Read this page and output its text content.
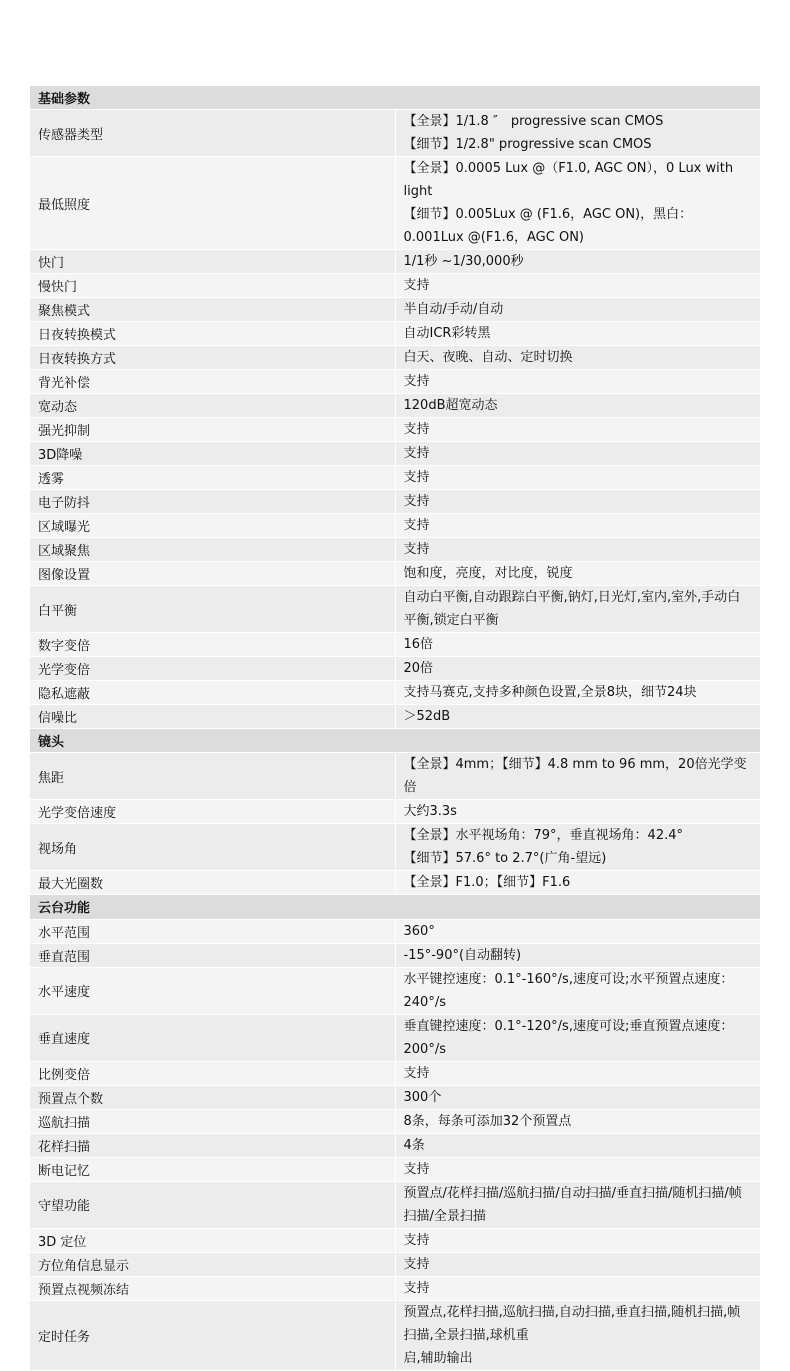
基础参数	
传感器类型	【全景】1/1.8 ″　progressive scan CMOS
【细节】1/2.8" progressive scan CMOS

最低照度	【全景】0.0005 Lux @（F1.0, AGC ON），0 Lux with light
【细节】0.005Lux @ (F1.6，AGC ON)，黑白：0.001Lux @(F1.6，AGC ON)

快门	1/1秒 ~1/30,000秒

慢快门	支持

聚焦模式	半自动/手动/自动

日夜转换模式	自动ICR彩转黑

日夜转换方式	白天、夜晚、自动、定时切换

背光补偿	支持

宽动态	120dB超宽动态

强光抑制	支持

3D降噪	支持

透雾	支持

电子防抖	支持

区域曝光	支持

区域聚焦	支持

图像设置	饱和度，亮度，对比度，锐度

白平衡	自动白平衡,自动跟踪白平衡,钠灯,日光灯,室内,室外,手动白平衡,锁定白平衡

数字变倍	16倍

光学变倍	20倍

隐私遮蔽	支持马赛克,支持多种颜色设置,全景8块，细节24块

信噪比	＞52dB

镜头	
焦距	【全景】4mm；【细节】4.8 mm to 96 mm，20倍光学变倍

光学变倍速度	大约3.3s

视场角	【全景】水平视场角：79°，垂直视场角：42.4°
【细节】57.6° to 2.7°(广角-望远)

最大光圈数	【全景】F1.0；【细节】F1.6

云台功能	
水平范围	360°

垂直范围	-15°-90°(自动翻转)

水平速度	水平键控速度：0.1°-160°/s,速度可设;水平预置点速度：240°/s

垂直速度	垂直键控速度：0.1°-120°/s,速度可设;垂直预置点速度：200°/s

比例变倍	支持

预置点个数	300个

巡航扫描	8条，每条可添加32个预置点

花样扫描	4条

断电记忆	支持

守望功能	预置点/花样扫描/巡航扫描/自动扫描/垂直扫描/随机扫描/帧扫描/全景扫描

3D 定位	支持

方位角信息显示	支持

预置点视频冻结	支持

定时任务	预置点,花样扫描,巡航扫描,自动扫描,垂直扫描,随机扫描,帧扫描,全景扫描,球机重
启,辅助输出
